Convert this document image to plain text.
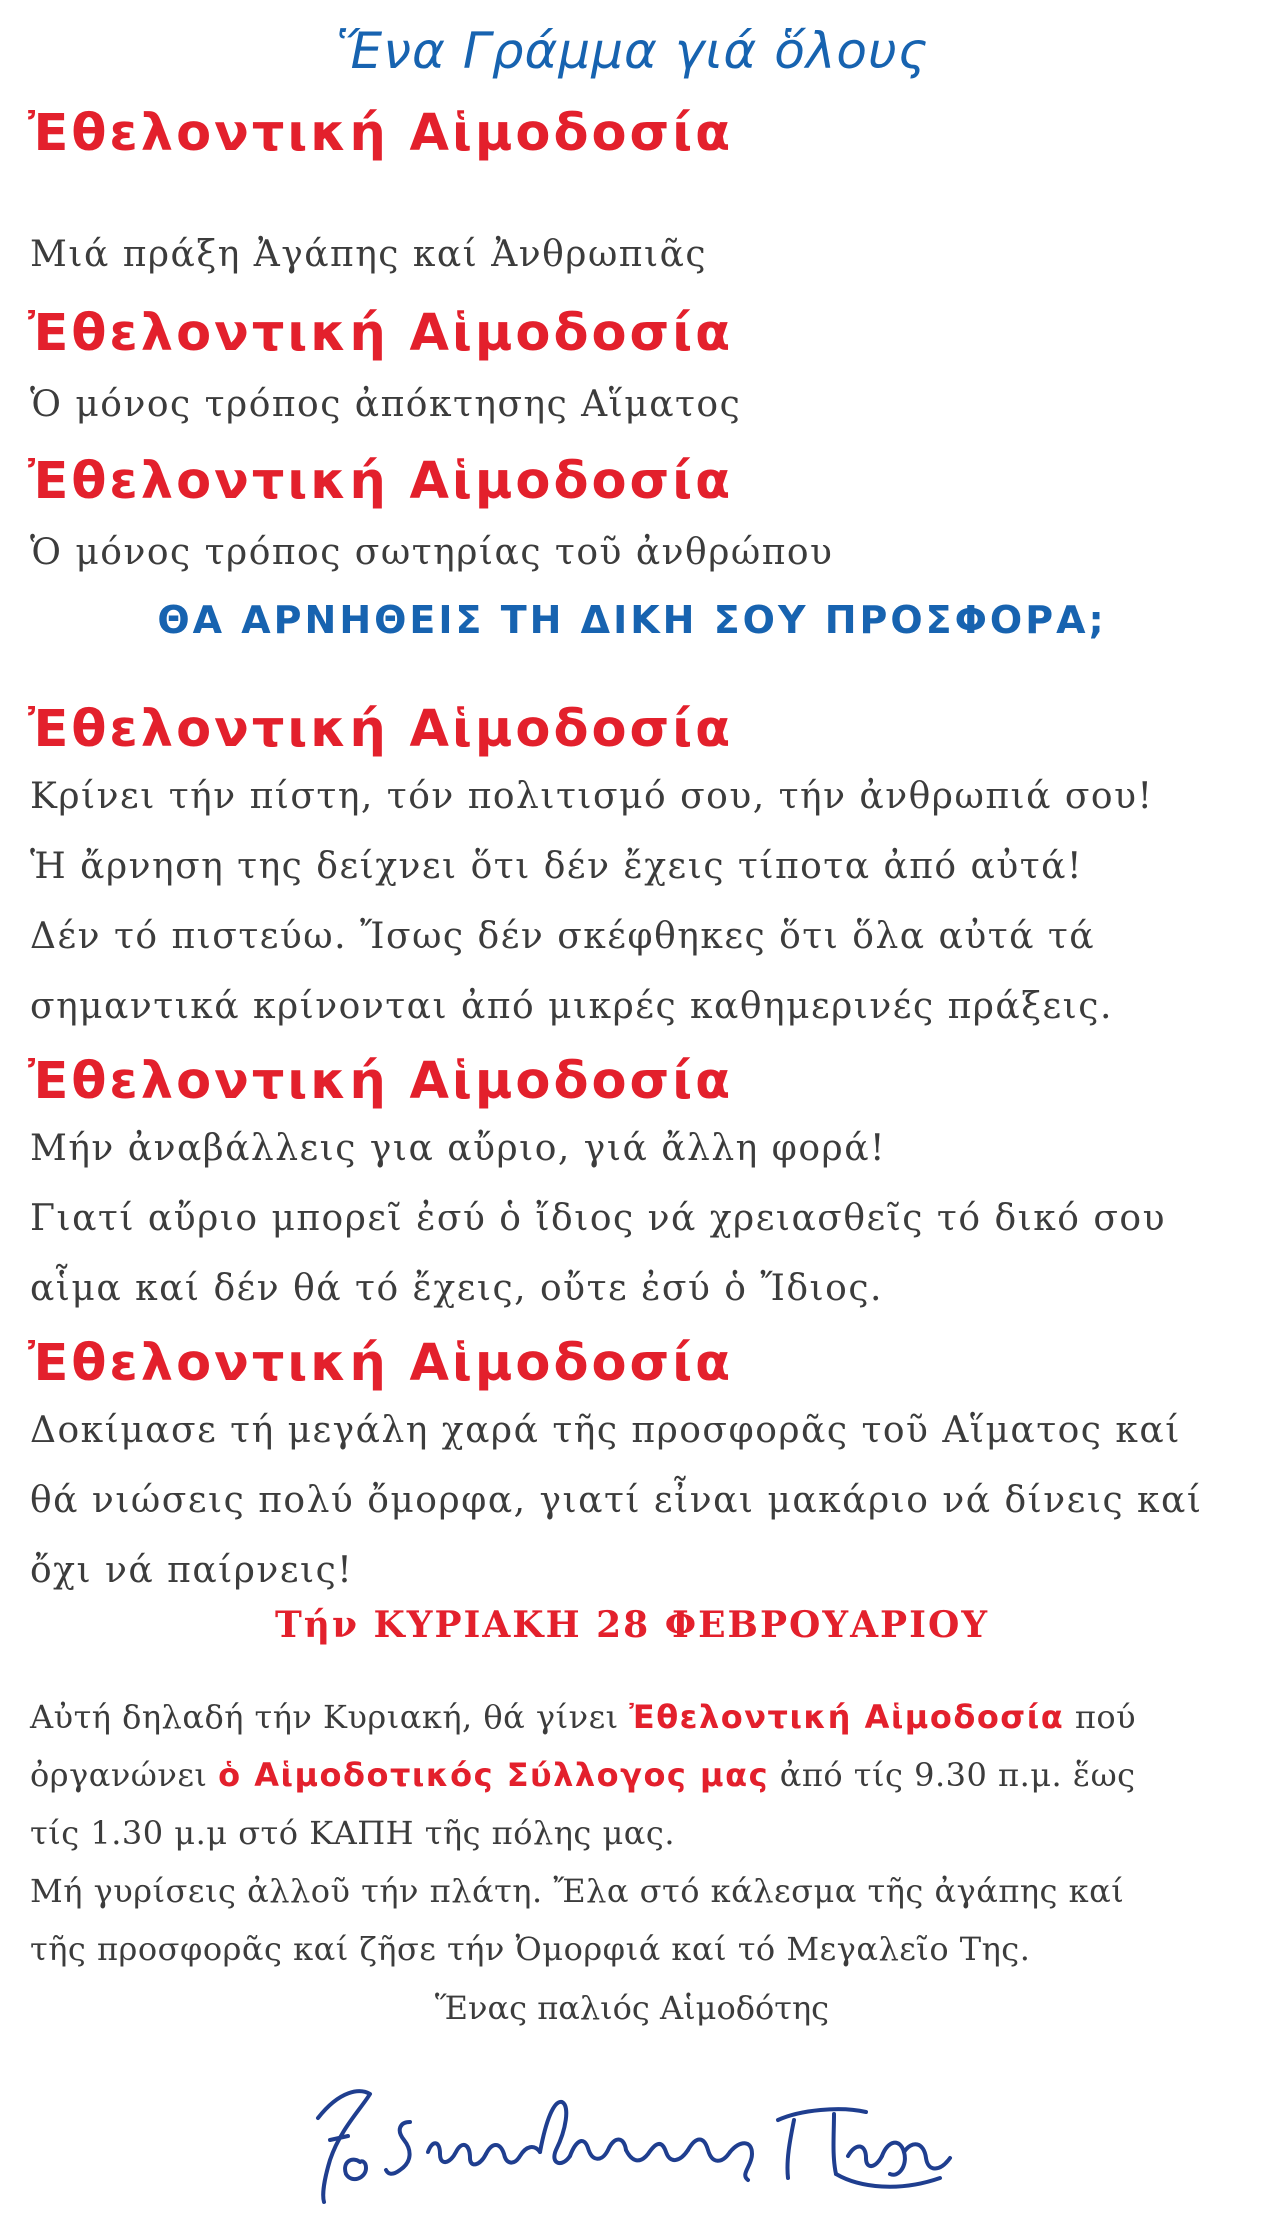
Ἕνα Γράμμα γιά ὅλους
Ἐθελοντική Αἱμοδοσία
Μιά πράξη Ἀγάπης καί Ἀνθρωπιᾶς
Ἐθελοντική Αἱμοδοσία
Ὁ μόνος τρόπος ἀπόκτησης Αἵματος
Ἐθελοντική Αἱμοδοσία
Ὁ μόνος τρόπος σωτηρίας τοῦ ἀνθρώπου
ΘΑ ΑΡΝΗΘΕΙΣ ΤΗ ΔΙΚΗ ΣΟΥ ΠΡΟΣΦΟΡΑ;
Ἐθελοντική Αἱμοδοσία
Κρίνει τήν πίστη, τόν πολιτισμό σου, τήν ἀνθρωπιά σου!
Ἡ ἄρνηση της δείχνει ὅτι δέν ἔχεις τίποτα ἀπό αὐτά!
Δέν τό πιστεύω. Ἴσως δέν σκέφθηκες ὅτι ὅλα αὐτά τά
σημαντικά κρίνονται ἀπό μικρές καθημερινές πράξεις.
Ἐθελοντική Αἱμοδοσία
Μήν ἀναβάλλεις για αὔριο, γιά ἄλλη φορά!
Γιατί αὔριο μπορεῖ ἐσύ ὁ ἴδιος νά χρειασθεῖς τό δικό σου
αἷμα καί δέν θά τό ἔχεις, οὔτε ἐσύ ὁ Ἴδιος.
Ἐθελοντική Αἱμοδοσία
Δοκίμασε τή μεγάλη χαρά τῆς προσφορᾶς τοῦ Αἵματος καί
θά νιώσεις πολύ ὄμορφα, γιατί εἶναι μακάριο νά δίνεις καί
ὄχι νά παίρνεις!
Τήν ΚΥΡΙΑΚΗ 28 ΦΕΒΡΟΥΑΡΙΟΥ
Αὐτή δηλαδή τήν Κυριακή, θά γίνει Ἐθελοντική Αἱμοδοσία πού
ὀργανώνει ὁ Αἱμοδοτικός Σύλλογος μας ἀπό τίς 9.30 π.μ. ἕως
τίς 1.30 μ.μ στό ΚΑΠΗ τῆς πόλης μας.
Μή γυρίσεις ἀλλοῦ τήν πλάτη. Ἔλα στό κάλεσμα τῆς ἀγάπης καί
τῆς προσφορᾶς καί ζῆσε τήν Ὀμορφιά καί τό Μεγαλεῖο Της.
Ἕνας παλιός Αἱμοδότης
